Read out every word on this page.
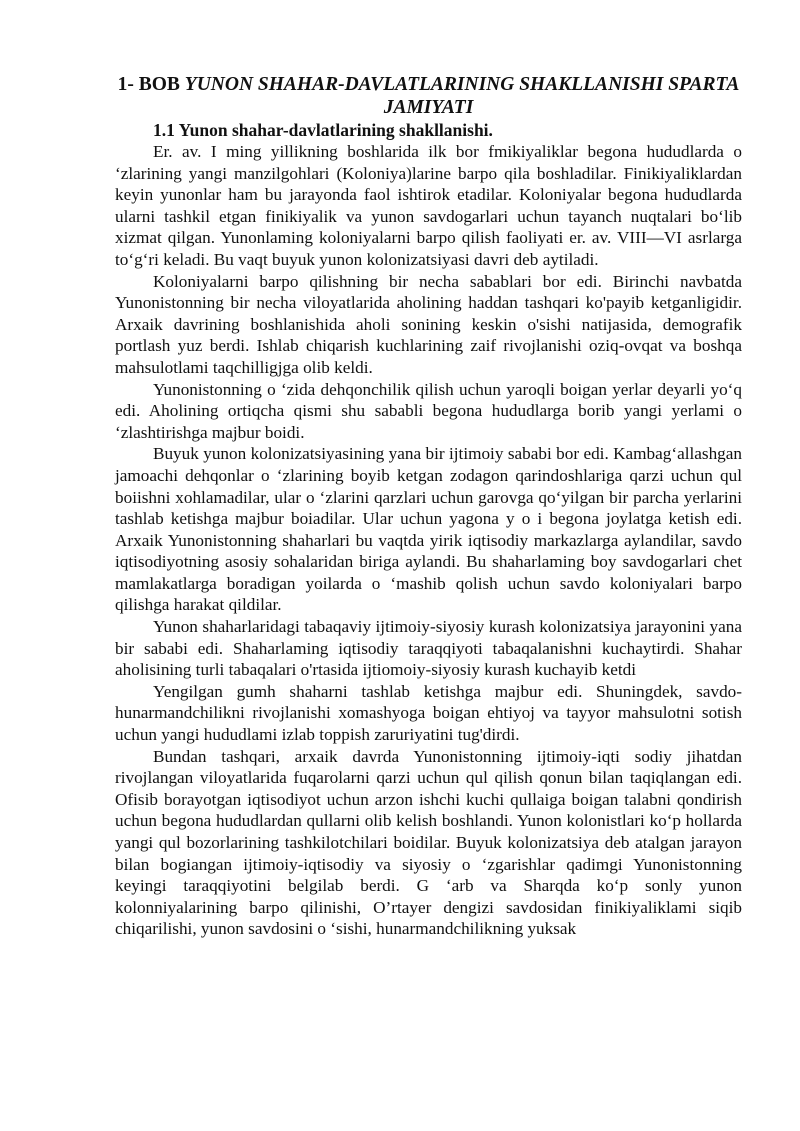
1- BOB YUNON SHAHAR-DAVLATLARINING SHAKLLANISHI SPARTA JAMIYATI

1.1 Yunon shahar-davlatlarining shakllanishi.

Er. av. I ming yillikning boshlarida ilk bor fmikiyaliklar begona hududlarda o ‘zlarining yangi manzilgohlari (Koloniya)larine barpo qila boshladilar. Finikiyaliklardan keyin yunonlar ham bu jarayonda faol ishtirok etadilar. Koloniyalar begona hududlarda ularni tashkil etgan finikiyalik va yunon savdogarlari uchun tayanch nuqtalari bo‘lib xizmat qilgan. Yunonlaming koloniyalarni barpo qilish faoliyati er. av. VIII—VI asrlarga to‘g‘ri keladi. Bu vaqt buyuk yunon kolonizatsiyasi davri deb aytiladi.

Koloniyalarni barpo qilishning bir necha sabablari bor edi. Birinchi navbatda Yunonistonning bir necha viloyatlarida aholining haddan tashqari ko'payib ketganligidir. Arxaik davrining boshlanishida aholi sonining keskin o'sishi natijasida, demografik portlash yuz berdi. Ishlab chiqarish kuchlarining zaif rivojlanishi oziq-ovqat va boshqa mahsulotlami taqchilligjga olib keldi.

Yunonistonning o ‘zida dehqonchilik qilish uchun yaroqli boigan yerlar deyarli yo‘q edi. Aholining ortiqcha qismi shu sababli begona hududlarga borib yangi yerlami o ‘zlashtirishga majbur boidi.

Buyuk yunon kolonizatsiyasining yana bir ijtimoiy sababi bor edi. Kambag‘allashgan jamoachi dehqonlar o ‘zlarining boyib ketgan zodagon qarindoshlariga qarzi uchun qul boiishni xohlamadilar, ular o ‘zlarini qarzlari uchun garovga qo‘yilgan bir parcha yerlarini tashlab ketishga majbur boiadilar. Ular uchun yagona y o i begona joylatga ketish edi. Arxaik Yunonistonning shaharlari bu vaqtda yirik iqtisodiy markazlarga aylandilar, savdo iqtisodiyotning asosiy sohalaridan biriga aylandi. Bu shaharlaming boy savdogarlari chet mamlakatlarga boradigan yoilarda o ‘mashib qolish uchun savdo koloniyalari barpo qilishga harakat qildilar.

Yunon shaharlaridagi tabaqaviy ijtimoiy-siyosiy kurash kolonizatsiya jarayonini yana bir sababi edi. Shaharlaming iqtisodiy taraqqiyoti tabaqalanishni kuchaytirdi. Shahar aholisining turli tabaqalari o'rtasida ijtiomoiy-siyosiy kurash kuchayib ketdi

Yengilgan gumh shaharni tashlab ketishga majbur edi. Shuningdek, savdo-hunarmandchilikni rivojlanishi xomashyoga boigan ehtiyoj va tayyor mahsulotni sotish uchun yangi hududlami izlab toppish zaruriyatini tug'dirdi.

Bundan tashqari, arxaik davrda Yunonistonning ijtimoiy-iqti sodiy jihatdan rivojlangan viloyatlarida fuqarolarni qarzi uchun qul qilish qonun bilan taqiqlangan edi. Ofisib borayotgan iqtisodiyot uchun arzon ishchi kuchi qullaiga boigan talabni qondirish uchun begona hududlardan qullarni olib kelish boshlandi. Yunon kolonistlari ko‘p hollarda yangi qul bozorlarining tashkilotchilari boidilar. Buyuk kolonizatsiya deb atalgan jarayon bilan bogiangan ijtimoiy-iqtisodiy va siyosiy o ‘zgarishlar qadimgi Yunonistonning keyingi taraqqiyotini belgilab berdi. G ‘arb va Sharqda ko‘p sonly yunon kolonniyalarining barpo qilinishi, O’rtayer dengizi savdosidan finikiyaliklami siqib chiqarilishi, yunon savdosini o ‘sishi, hunarmandchilikning yuksak
